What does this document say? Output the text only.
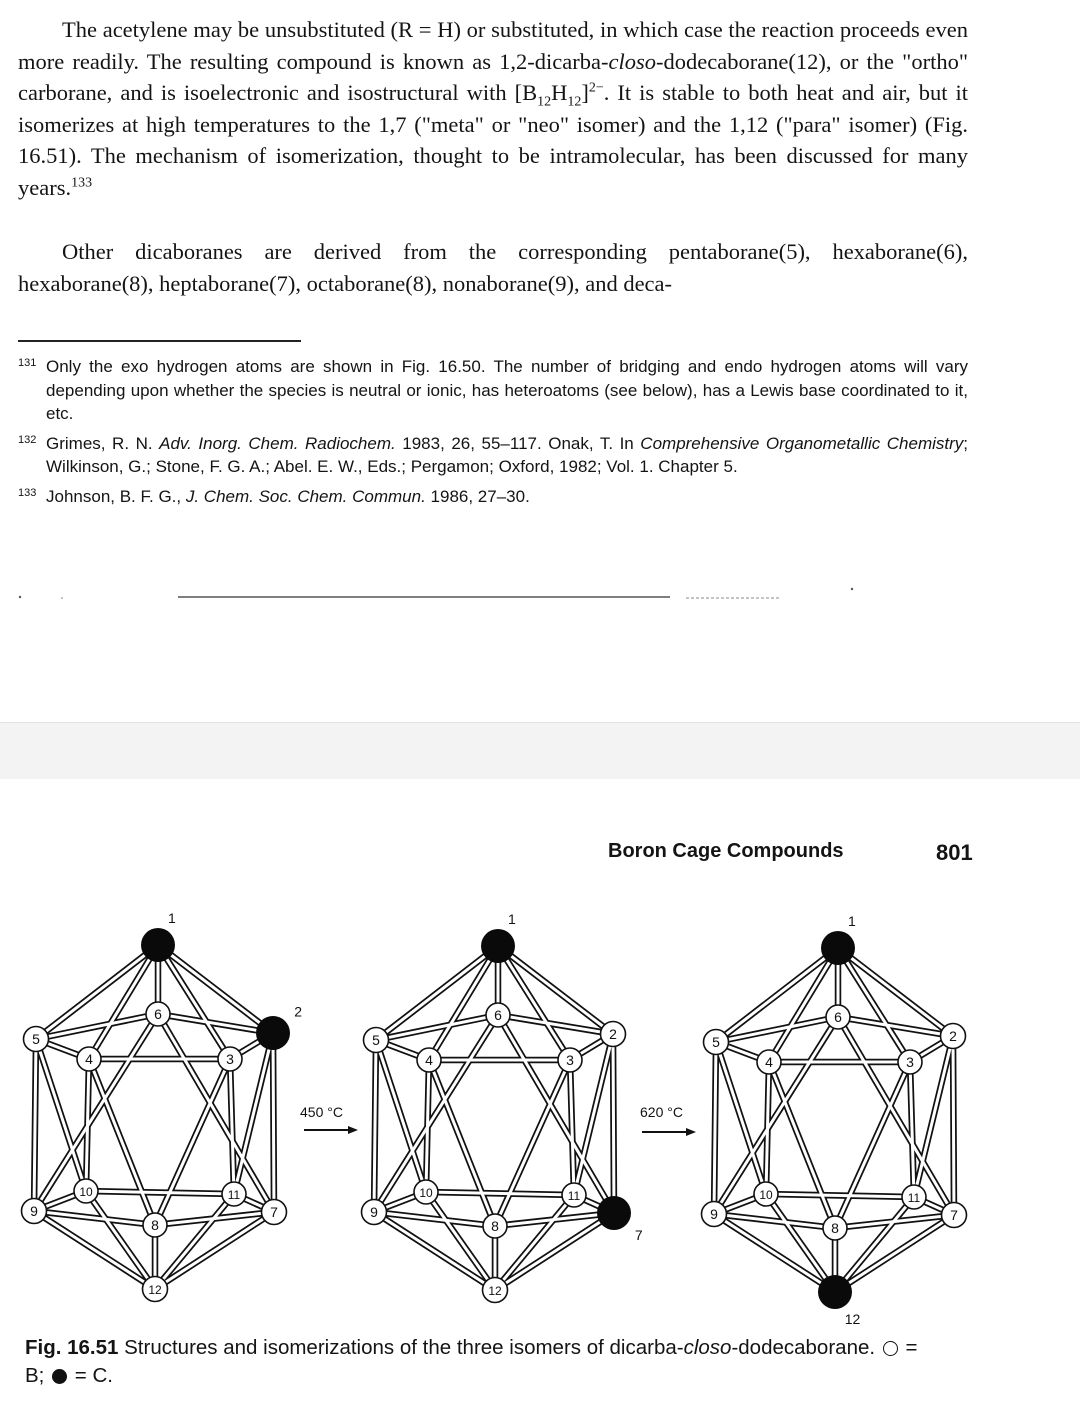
The acetylene may be unsubstituted (R = H) or substituted, in which case the reaction proceeds even more readily. The resulting compound is known as 1,2-dicarba-closo-dodecaborane(12), or the "ortho" carborane, and is isoelectronic and isostructural with $[B_{12}H_{12}]^{2-}$. It is stable to both heat and air, but it isomerizes at high temperatures to the 1,7 ("meta" or "neo" isomer) and the 1,12 ("para" isomer) (Fig. 16.51). The mechanism of isomerization, thought to be intramolecular, has been discussed for many years.$^{133}$
Other dicaboranes are derived from the corresponding pentaborane(5), hexaborane(6), hexaborane(8), heptaborane(7), octaborane(8), nonaborane(9), and deca-
131 Only the exo hydrogen atoms are shown in Fig. 16.50. The number of bridging and endo hydrogen atoms will vary depending upon whether the species is neutral or ionic, has heteroatoms (see below), has a Lewis base coordinated to it, etc.
132 Grimes, R. N. Adv. Inorg. Chem. Radiochem. 1983, 26, 55–117. Onak, T. In Comprehensive Organometallic Chemistry; Wilkinson, G.; Stone, F. G. A.; Abel. E. W., Eds.; Pergamon; Oxford, 1982; Vol. 1. Chapter 5.
133 Johnson, B. F. G., J. Chem. Soc. Chem. Commun. 1986, 27–30.
Boron Cage Compounds	801
1
2
3
4
5
6
7
8
9
10	11
12
1
2
3
4
5
6
7
8
9
10	11
12
1
2
3
4
5
6
7
8
9
10	11
12
450 °C	620 °C
Fig. 16.51 Structures and isomerizations of the three isomers of dicarba-closo-dodecaborane.  = B;  = C.
